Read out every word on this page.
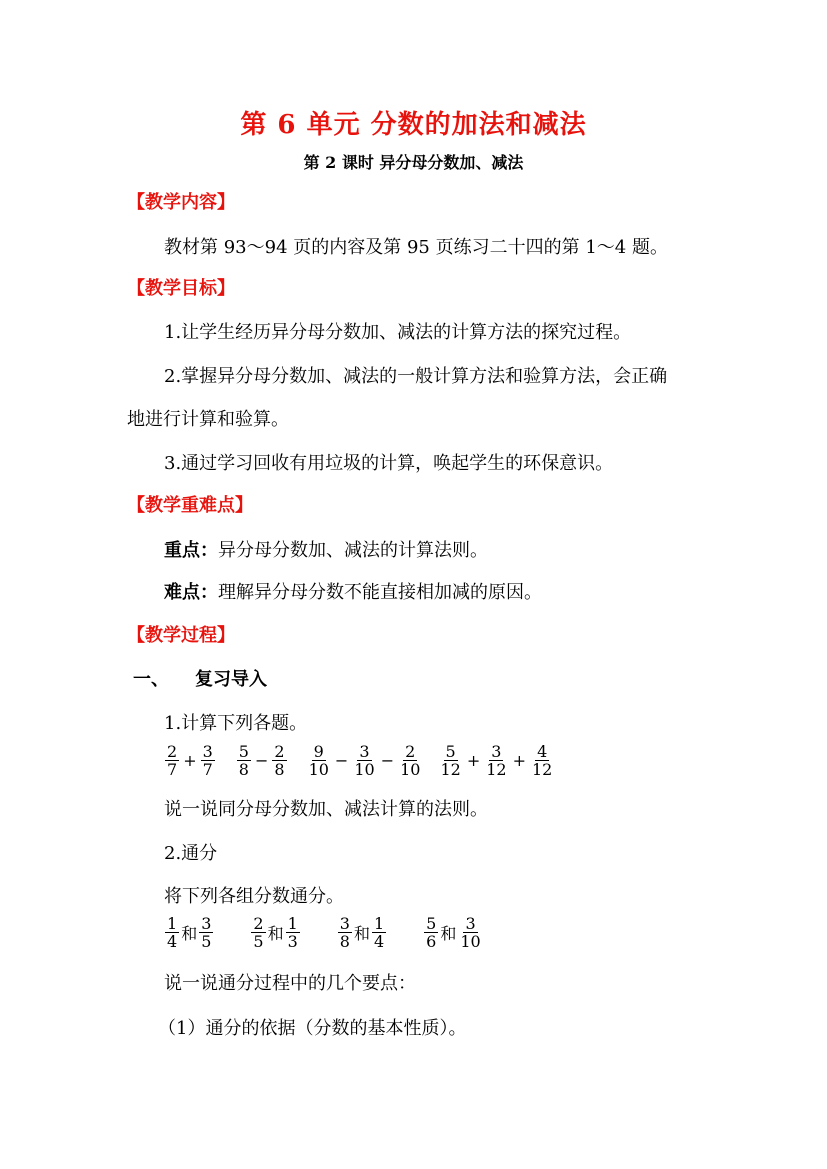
第 6 单元 分数的加法和减法
第 2 课时 异分母分数加、减法
【教学内容】
教材第 93～94 页的内容及第 95 页练习二十四的第 1～4 题。
【教学目标】
1.让学生经历异分母分数加、减法的计算方法的探究过程。
2.掌握异分母分数加、减法的一般计算方法和验算方法，会正确
地进行计算和验算。
3.通过学习回收有用垃圾的计算，唤起学生的环保意识。
【教学重难点】
重点：异分母分数加、减法的计算法则。
难点：理解异分母分数不能直接相加减的原因。
【教学过程】
一、 复习导入
1.计算下列各题。
$\frac{2}{7} + \frac{3}{7} \frac{5}{8} - \frac{2}{8} \frac{9}{10} - \frac{3}{10} - \frac{2}{10} \frac{5}{12} + \frac{3}{12} + \frac{4}{12}$
说一说同分母分数加、减法计算的法则。
2.通分
将下列各组分数通分。
$\frac{1}{4}$ 和 $\frac{3}{5} \frac{2}{5}$ 和 $\frac{1}{3} \frac{3}{8}$ 和 $\frac{1}{4} \frac{5}{6}$ 和 $\frac{3}{10}$
说一说通分过程中的几个要点：
（1）通分的依据（分数的基本性质）。
